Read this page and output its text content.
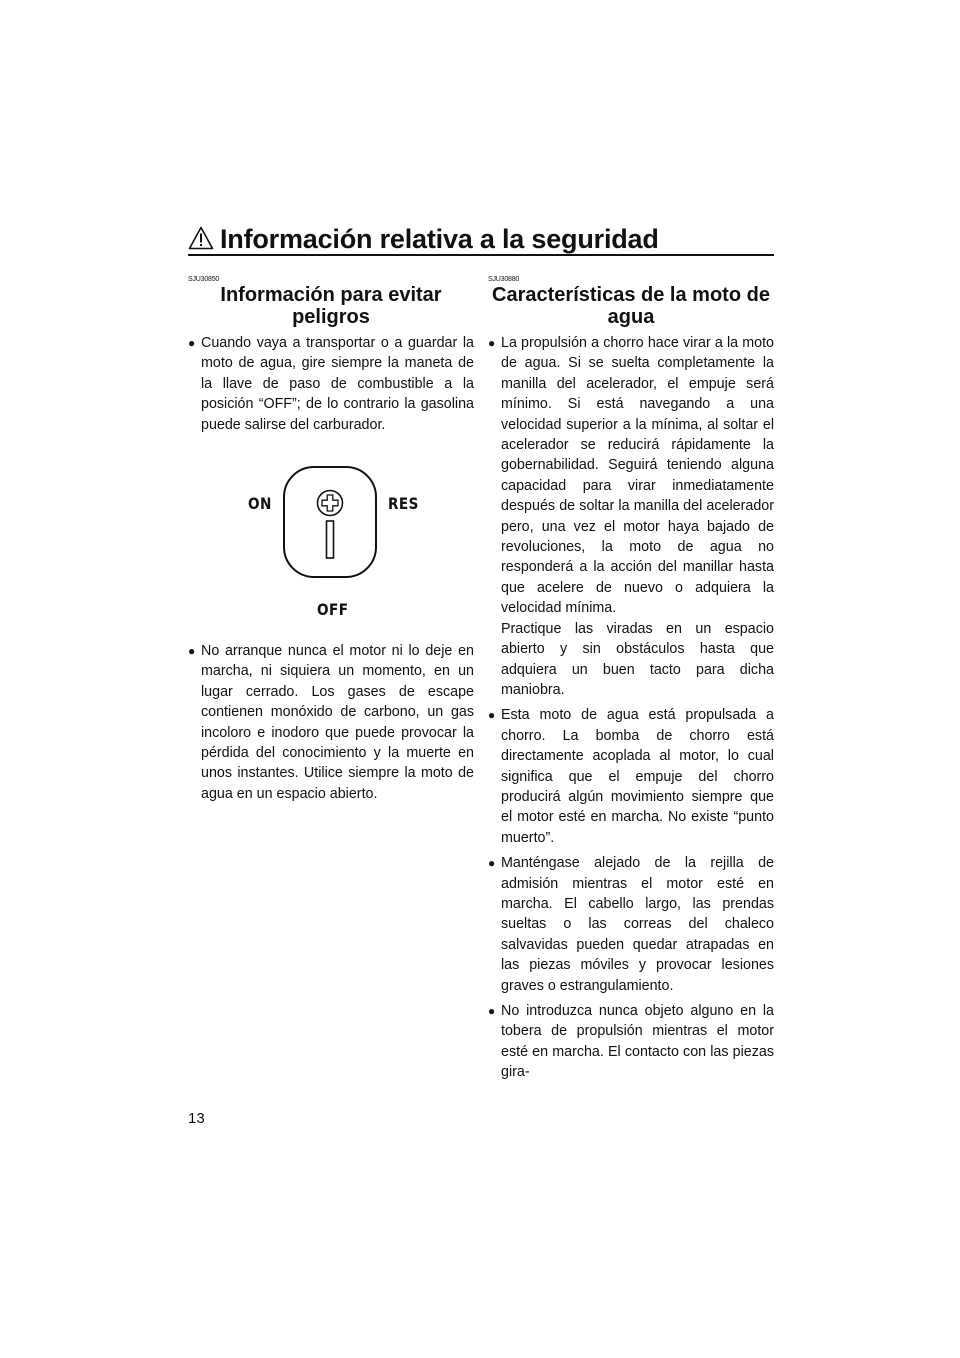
Información relativa a la seguridad
SJU30850
Información para evitar
peligros
● Cuando vaya a transportar o a guardar la moto de agua, gire siempre la maneta de la llave de paso de combustible a la posición “OFF”; de lo contrario la gasolina puede salirse del carburador.
ON	RES
OFF
● No arranque nunca el motor ni lo deje en marcha, ni siquiera un momento, en un lugar cerrado. Los gases de escape contienen monóxido de carbono, un gas incoloro e inodoro que puede provocar la pérdida del conocimiento y la muerte en unos instantes. Utilice siempre la moto de agua en un espacio abierto.
SJU30880
Características de la moto de
agua
● La propulsión a chorro hace virar a la moto de agua. Si se suelta completamente la manilla del acelerador, el empuje será mínimo. Si está navegando a una velocidad superior a la mínima, al soltar el acelerador se reducirá rápidamente la gobernabilidad. Seguirá teniendo alguna capacidad para virar inmediatamente después de soltar la manilla del acelerador pero, una vez el motor haya bajado de revoluciones, la moto de agua no responderá a la acción del manillar hasta que acelere de nuevo o adquiera la velocidad mínima.
Practique las viradas en un espacio abierto y sin obstáculos hasta que adquiera un buen tacto para dicha maniobra.
● Esta moto de agua está propulsada a chorro. La bomba de chorro está directamente acoplada al motor, lo cual significa que el empuje del chorro producirá algún movimiento siempre que el motor esté en marcha. No existe “punto muerto”.
● Manténgase alejado de la rejilla de admisión mientras el motor esté en marcha. El cabello largo, las prendas sueltas o las correas del chaleco salvavidas pueden quedar atrapadas en las piezas móviles y provocar lesiones graves o estrangulamiento.
● No introduzca nunca objeto alguno en la tobera de propulsión mientras el motor esté en marcha. El contacto con las piezas gira-
13
